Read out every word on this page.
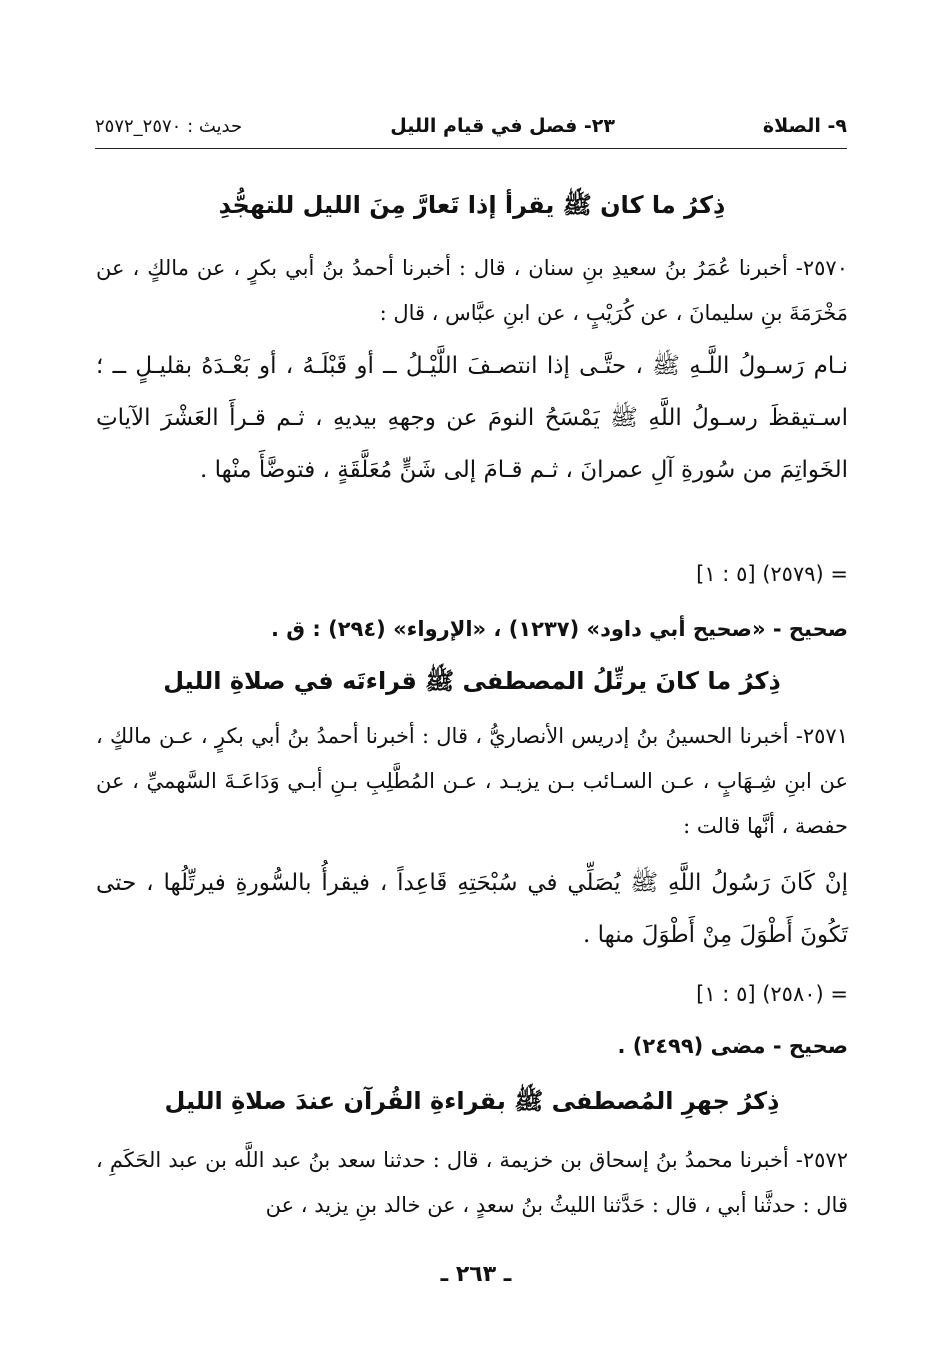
٩- الصلاة
٢٣- فصل في قيام الليل
حديث : ٢٥٧٠_٢٥٧٢
ذِكرُ ما كان ﷺ يقرأ إذا تَعارَّ مِنَ الليل للتهجُّدِ

٢٥٧٠- أخبرنا عُمَرُ بنُ سعيدِ بنِ سنان ، قال : أخبرنا أحمدُ بنُ أبي بكرٍ ، عن مالكٍ ، عن مَخْرَمَةَ بنِ سليمانَ ، عن كُرَيْبٍ ، عن ابنِ عبَّاس ، قال :

نـام رَسـولُ اللَّـهِ ﷺ ، حتَّـى إذا انتصـفَ اللَّيْـلُ ــ أو قَبْلَـهُ ، أو بَعْـدَهُ بقليـلٍ ــ ؛ اسـتيقظَ رسـولُ اللَّهِ ﷺ يَمْسَحُ النومَ عن وجههِ بيديهِ ، ثـم قـرأَ العَشْرَ الآياتِ الخَواتِمَ من سُورةِ آلِ عمرانَ ، ثـم قـامَ إلى شَنٍّ مُعَلَّقَةٍ ، فتوضَّأَ منْها .

= (٢٥٧٩) [٥ : ١]
صحيح - «صحيح أبي داود» (١٢٣٧) ، «الإرواء» (٢٩٤) : ق .
ذِكرُ ما كانَ يرتِّلُ المصطفى ﷺ قراءتَه في صلاةِ الليل

٢٥٧١- أخبرنا الحسينُ بنُ إدريس الأنصاريُّ ، قال : أخبرنا أحمدُ بنُ أبي بكرٍ ، عـن مالكٍ ، عن ابنِ شِـهَابٍ ، عـن السـائب بـن يزيـد ، عـن المُطَّلِبِ بـنِ أبـي وَدَاعَـةَ السَّهميِّ ، عن حفصة ، أنَّها قالت :

إنْ كَانَ رَسُولُ اللَّهِ ﷺ يُصَلِّي في سُبْحَتِهِ قَاعِداً ، فيقرأُ بالسُّورةِ فيرتِّلُها ، حتى تَكُونَ أَطْوَلَ مِنْ أَطْوَلَ منها .

= (٢٥٨٠) [٥ : ١]
صحيح - مضى (٢٤٩٩) .
ذِكرُ جهرِ المُصطفى ﷺ بقراءةِ القُرآن عندَ صلاةِ الليل

٢٥٧٢- أخبرنا محمدُ بنُ إسحاق بن خزيمة ، قال : حدثنا سعد بنُ عبد اللَّه بن عبد الحَكَمِ ، قال : حدثَّنا أبي ، قال : حَدَّثنا الليثُ بنُ سعدٍ ، عن خالد بنِ يزيد ، عن

ـ ٢٦٣ ـ
